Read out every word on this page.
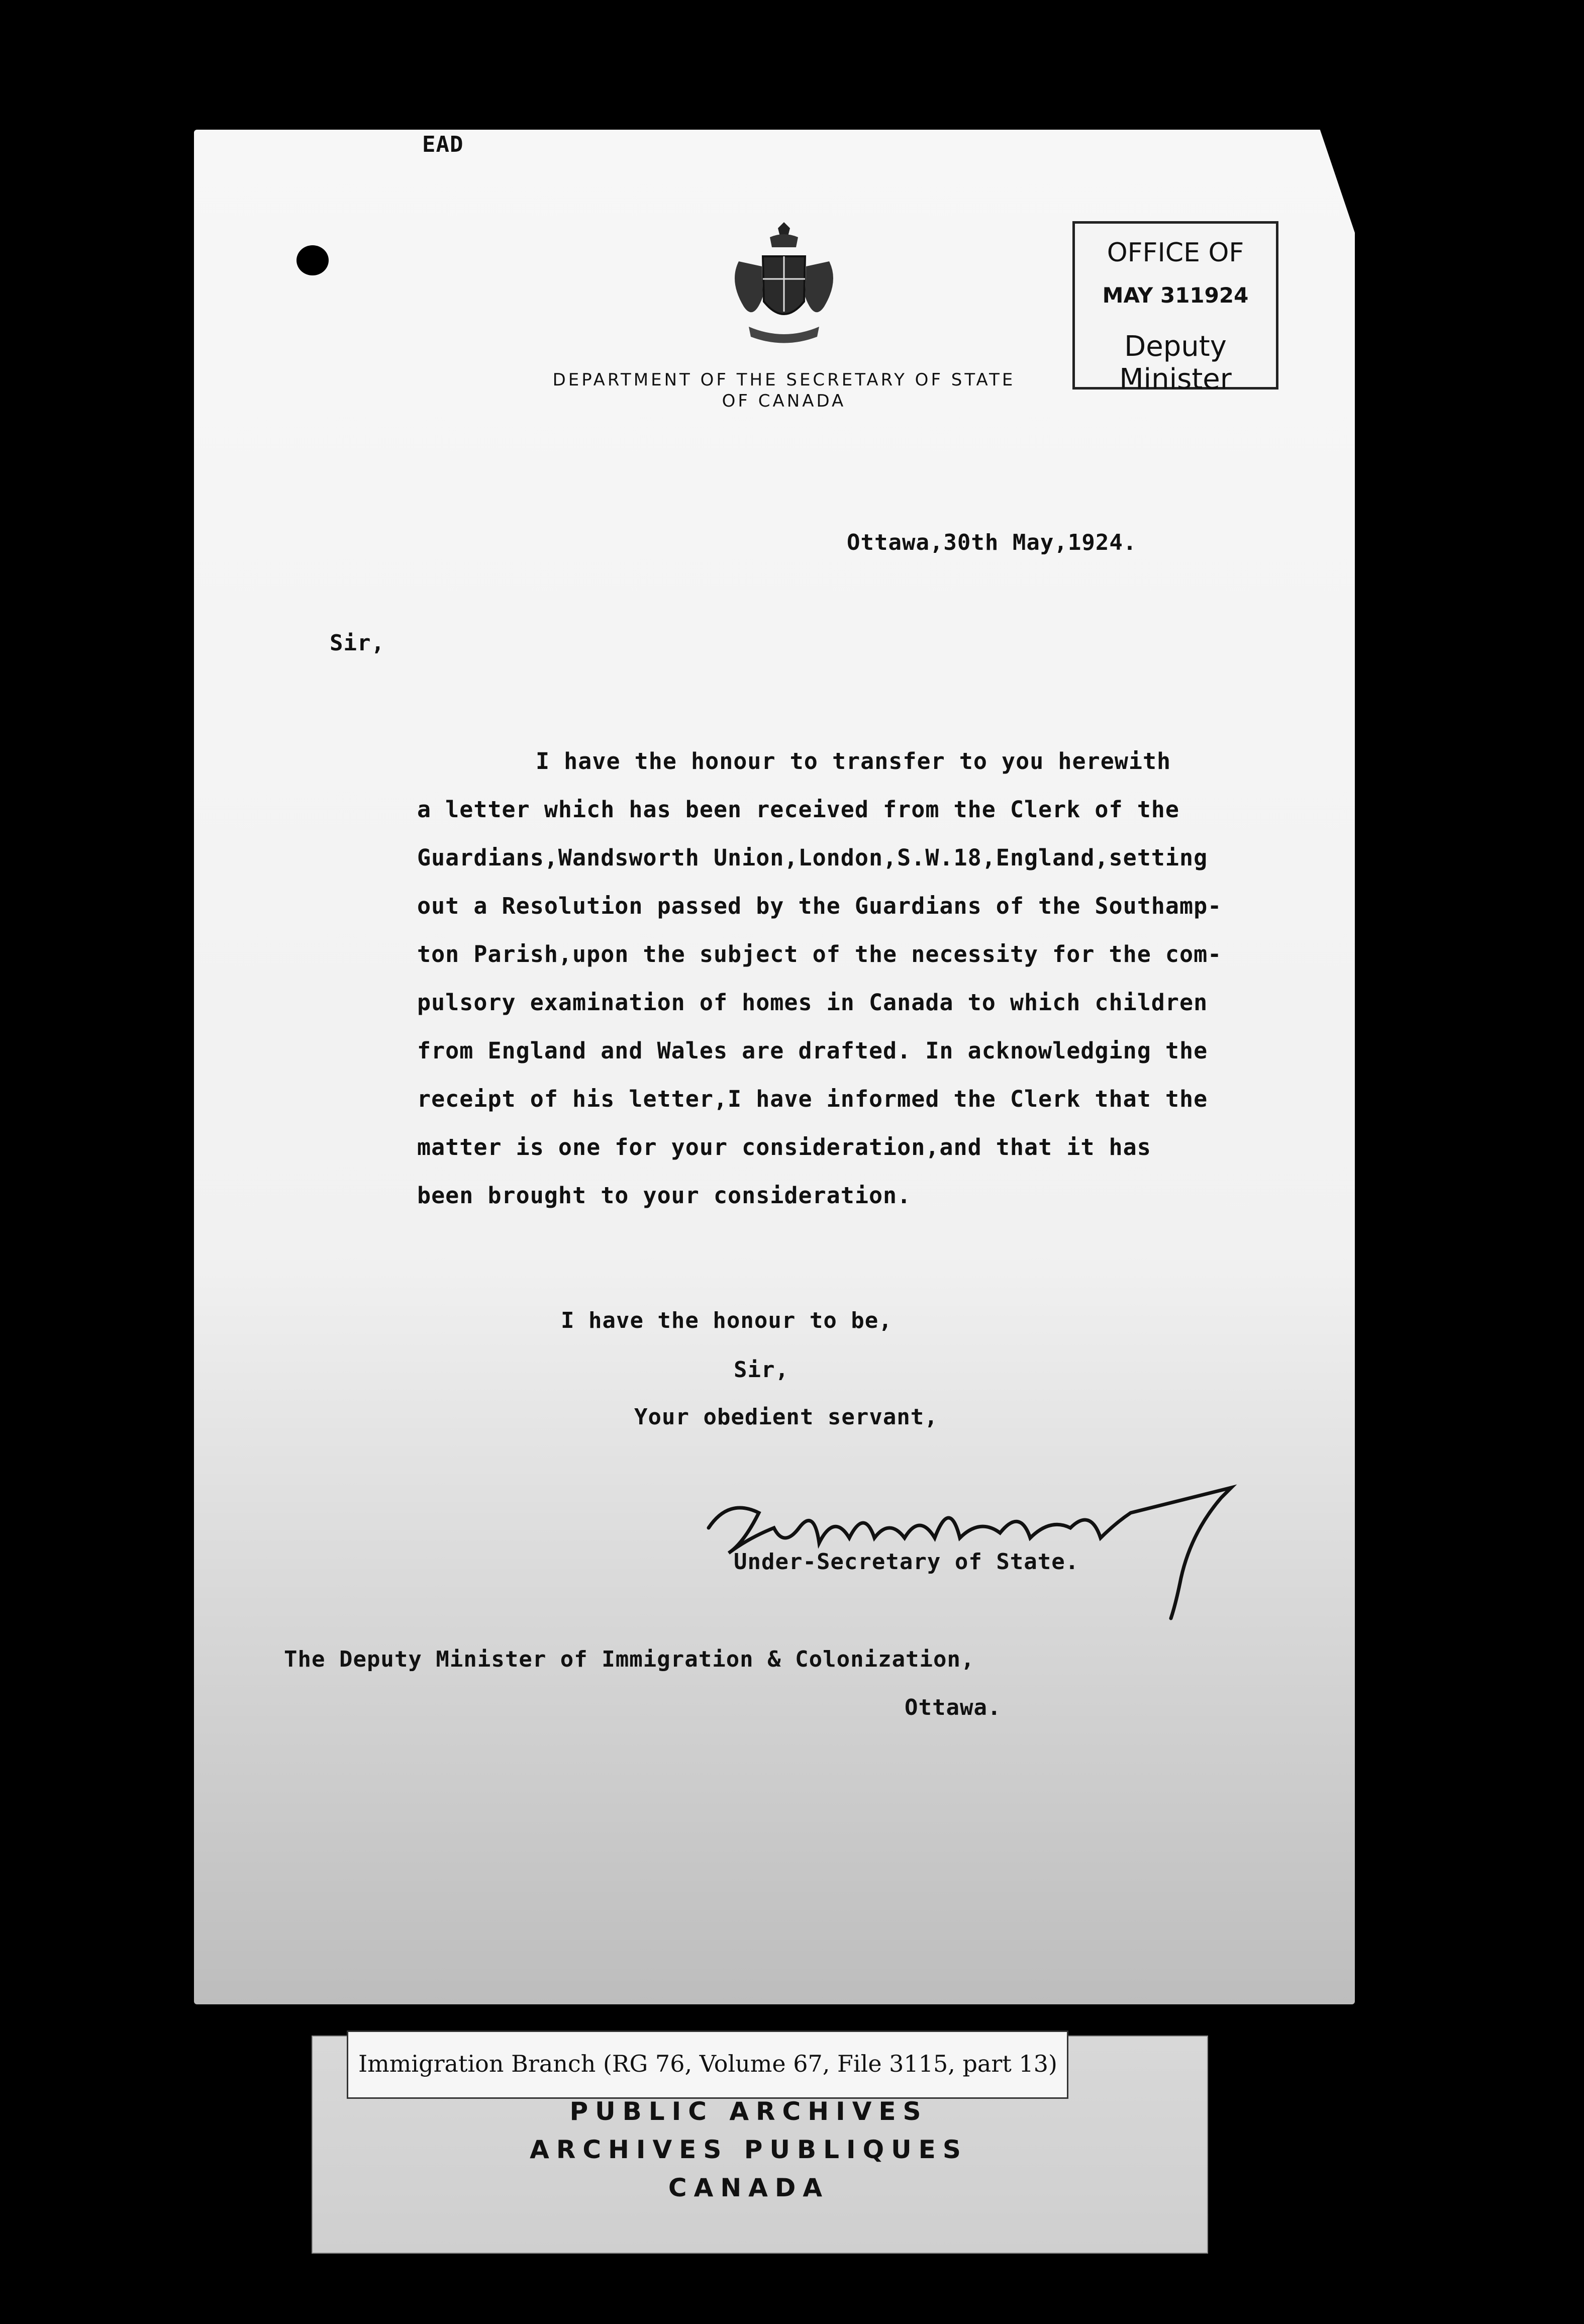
EAD
DEPARTMENT OF THE SECRETARY OF STATE
OF CANADA
OFFICE OF
MAY 311924
Deputy Minister
Ottawa,30th May,1924.
Sir,
I have the honour to transfer to you herewith
a letter which has been received from the Clerk of the
Guardians,Wandsworth Union,London,S.W.18,England,setting
out a Resolution passed by the Guardians of the Southamp-
ton Parish,upon the subject of the necessity for the com-
pulsory examination of homes in Canada to which children
from England and Wales are drafted. In acknowledging the
receipt of his letter,I have informed the Clerk that the
matter is one for your consideration,and that it has
been brought to your consideration.
I have the honour to be,
Sir,
Your obedient servant,
Under-Secretary of State.
The Deputy Minister of Immigration & Colonization,
Ottawa.
Immigration Branch (RG 76, Volume 67, File 3115, part 13)
PUBLIC ARCHIVES
ARCHIVES PUBLIQUES
CANADA
